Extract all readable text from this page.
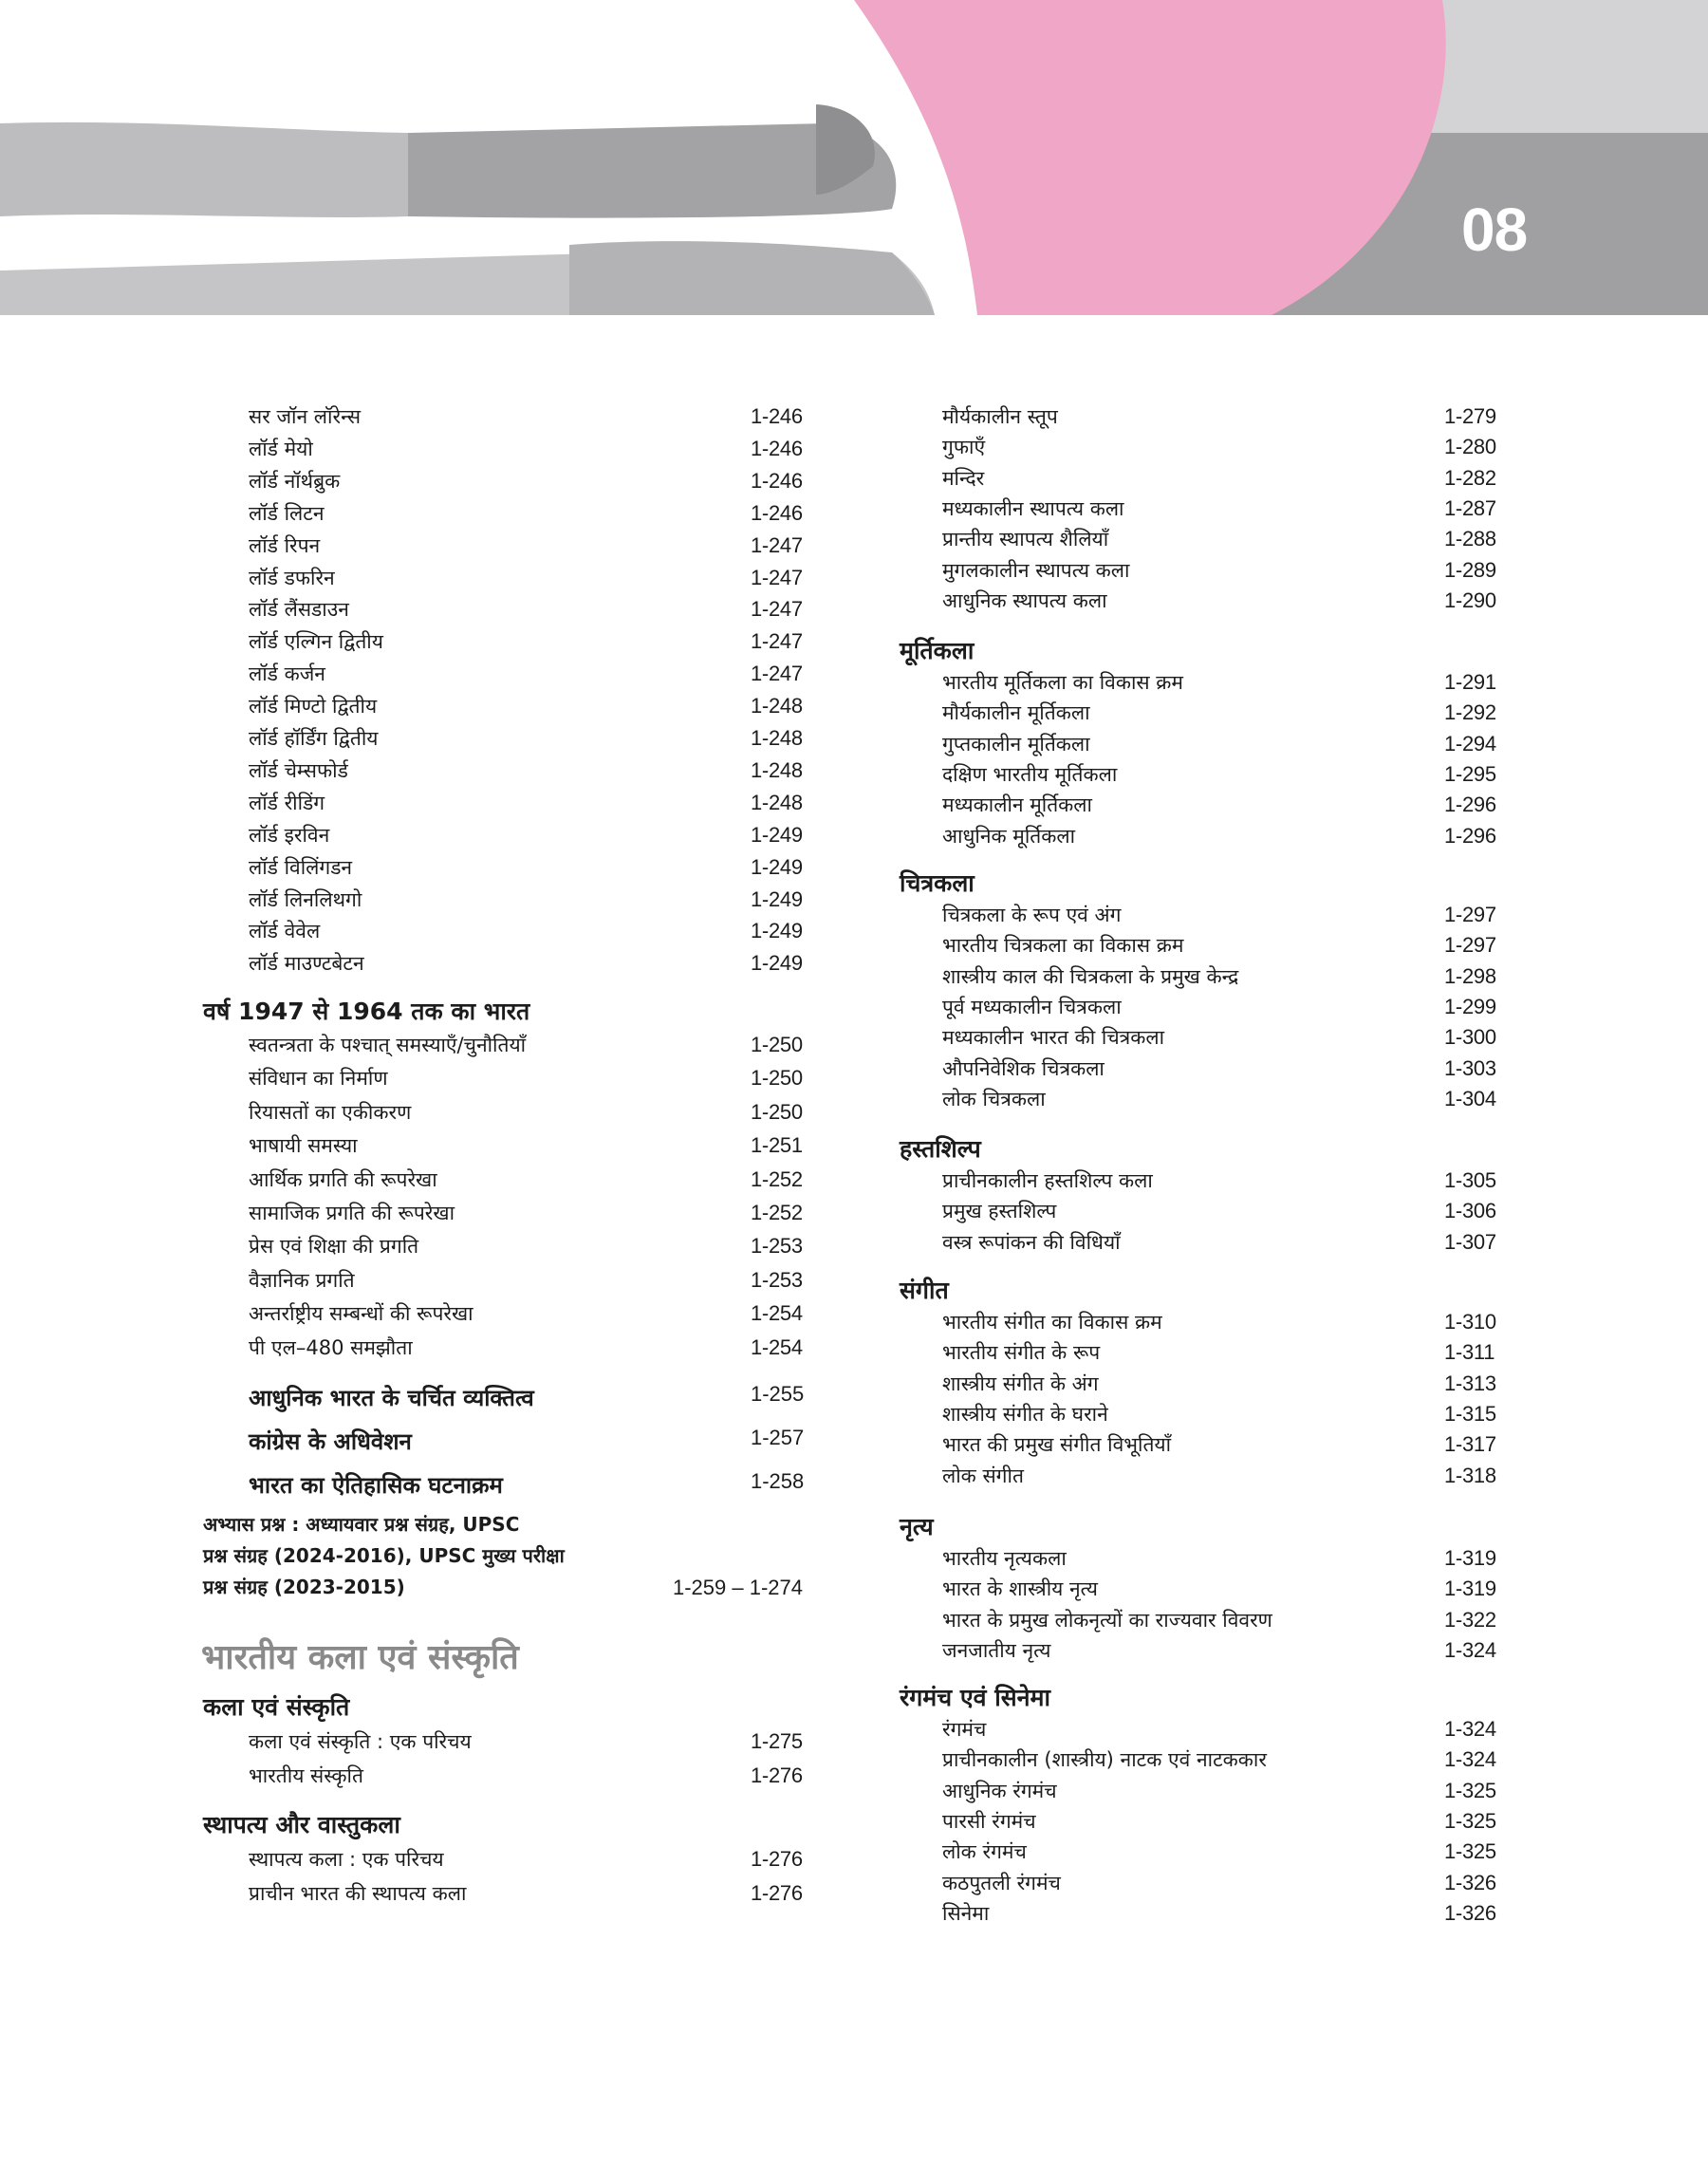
08
सर जॉन लॉरेन्स	1-246
लॉर्ड मेयो	1-246
लॉर्ड नॉर्थब्रुक	1-246
लॉर्ड लिटन	1-246
लॉर्ड रिपन	1-247
लॉर्ड डफरिन	1-247
लॉर्ड लैंसडाउन	1-247
लॉर्ड एल्गिन द्वितीय	1-247
लॉर्ड कर्जन	1-247
लॉर्ड मिण्टो द्वितीय	1-248
लॉर्ड हॉर्डिंग द्वितीय	1-248
लॉर्ड चेम्सफोर्ड	1-248
लॉर्ड रीडिंग	1-248
लॉर्ड इरविन	1-249
लॉर्ड विलिंगडन	1-249
लॉर्ड लिनलिथगो	1-249
लॉर्ड वेवेल	1-249
लॉर्ड माउण्टबेटन	1-249
वर्ष 1947 से 1964 तक का भारत
स्वतन्त्रता के पश्चात् समस्याएँ/चुनौतियाँ	1-250
संविधान का निर्माण	1-250
रियासतों का एकीकरण	1-250
भाषायी समस्या	1-251
आर्थिक प्रगति की रूपरेखा	1-252
सामाजिक प्रगति की रूपरेखा	1-252
प्रेस एवं शिक्षा की प्रगति	1-253
वैज्ञानिक प्रगति	1-253
अन्तर्राष्ट्रीय सम्बन्धों की रूपरेखा	1-254
पी एल–480 समझौता	1-254
आधुनिक भारत के चर्चित व्यक्तित्व	1-255
कांग्रेस के अधिवेशन	1-257
भारत का ऐतिहासिक घटनाक्रम	1-258
अभ्यास प्रश्न : अध्यायवार प्रश्न संग्रह, UPSC
प्रश्न संग्रह (2024-2016), UPSC मुख्य परीक्षा
प्रश्न संग्रह (2023-2015)	1-259 – 1-274
भारतीय कला एवं संस्कृति
कला एवं संस्कृति
कला एवं संस्कृति : एक परिचय	1-275
भारतीय संस्कृति	1-276
स्थापत्य और वास्तुकला
स्थापत्य कला : एक परिचय	1-276
प्राचीन भारत की स्थापत्य कला	1-276
मौर्यकालीन स्तूप	1-279
गुफाएँ	1-280
मन्दिर	1-282
मध्यकालीन स्थापत्य कला	1-287
प्रान्तीय स्थापत्य शैलियाँ	1-288
मुगलकालीन स्थापत्य कला	1-289
आधुनिक स्थापत्य कला	1-290
मूर्तिकला
भारतीय मूर्तिकला का विकास क्रम	1-291
मौर्यकालीन मूर्तिकला	1-292
गुप्तकालीन मूर्तिकला	1-294
दक्षिण भारतीय मूर्तिकला	1-295
मध्यकालीन मूर्तिकला	1-296
आधुनिक मूर्तिकला	1-296
चित्रकला
चित्रकला के रूप एवं अंग	1-297
भारतीय चित्रकला का विकास क्रम	1-297
शास्त्रीय काल की चित्रकला के प्रमुख केन्द्र	1-298
पूर्व मध्यकालीन चित्रकला	1-299
मध्यकालीन भारत की चित्रकला	1-300
औपनिवेशिक चित्रकला	1-303
लोक चित्रकला	1-304
हस्तशिल्प
प्राचीनकालीन हस्तशिल्प कला	1-305
प्रमुख हस्तशिल्प	1-306
वस्त्र रूपांकन की विधियाँ	1-307
संगीत
भारतीय संगीत का विकास क्रम	1-310
भारतीय संगीत के रूप	1-311
शास्त्रीय संगीत के अंग	1-313
शास्त्रीय संगीत के घराने	1-315
भारत की प्रमुख संगीत विभूतियाँ	1-317
लोक संगीत	1-318
नृत्य
भारतीय नृत्यकला	1-319
भारत के शास्त्रीय नृत्य	1-319
भारत के प्रमुख लोकनृत्यों का राज्यवार विवरण	1-322
जनजातीय नृत्य	1-324
रंगमंच एवं सिनेमा
रंगमंच	1-324
प्राचीनकालीन (शास्त्रीय) नाटक एवं नाटककार	1-324
आधुनिक रंगमंच	1-325
पारसी रंगमंच	1-325
लोक रंगमंच	1-325
कठपुतली रंगमंच	1-326
सिनेमा	1-326
